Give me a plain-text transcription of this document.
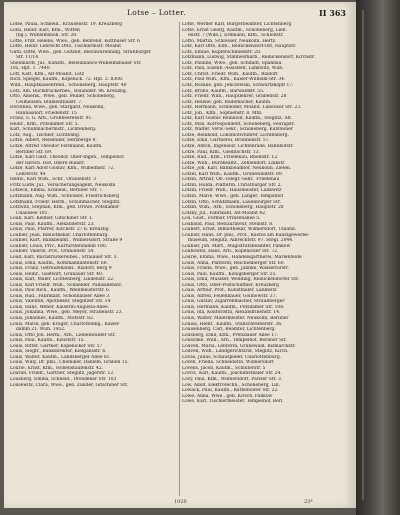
Lotse – Lotter.	II 363
Lotse, Paula, Schneid., Krausenstr. 19. Kreuzberg
Lotsi, Heinr. Karl, Kfm., Witten
(bg.), Wilhelmshöh. Str. 20.
Lotte, Frdr. Helene, Wwe., geb. Behrend, Kottbuser Str. 6
Lotte, Heinr. Lebrecht Otto, Tischlermstr. Moabit
Guth.-Ditte, Wwe., geb. Gutzeit, Blechwarenhdlg. Straßburger
Str. 11/14.
Sheinhardt, Jul., Kunstb., Bellealliance-Wilhelmsbader Str.
105, Hpt. 1. 7440.
Lott, Karl, Kfm., Alt-Moabit, Lotz
Rich. Spiegel, Kaufm., Kopenick. 72. Hpt. 2. 8308.
Wilh., Hauptkassenrend., Schöneberg, Hauptstr. 40
Lotz, Alb. Buchdruckerbes., Rolandstr. 96. Kreuzbg.
Otto, Amerik., Wwe., geb. Müller, Schöneberg,
Ceilhausen, Blumenthalstr. 7.
Dorothea, Wwe., geb. Stargard, Neukölln,
Hannasdorf, Friedenstr. 15
Franz, S. G. Arb., Großbeerenstr. 91.
Heinr., Kfm., Potsdamer Str. 5.
Karl, Schuhmachermstr., Lichtenberg.
Lotz, Aug., Tischler, Lichtenbg.
Lotze, Albert, Reisender, Herzberge 9.
Lotze, Alfred Theodor Ferdinand, Kaufm.
Berliner Str. 69.
Lotze, Karl Gust. Theodor, Ober-Ingen., Tempelhof
der Hirsch. Hof, Obere Bunstr.
Lotze, Karl Adolf Gustav, Kfm., Wilhelmstr. 72.
Lehrerstr. 44
Hedw., Karl Wilh., Schr., Oranienstr. 3
Fritz Ludw. Jul., Versicherungsagent, Neukölln
Lotzeck, Emma, Schneid., Berliner Str. 7.
Lotzmann, Aug. Wilh., Schlosser, Friedrichsberg
Lotzmann, Friedr. Herm., Schuhmacher, Steglitz.
Lotzwitz, Stephan, Kfm., geb. Dröws, Potsdamer
Chaussee 101.
Loub, Karl, Kellner, Gitschiner Str. 1.
Louis, Paul, Kaufm., Alexanderstr. 23.
Louis, Paul, Pfarrer, Kirchstr. 27 b. Kreuzbg.
Loubier, Jean, Bibliothekar, Charlottenburg.
Loubier, Kurt, Bankbeamt., Wilmersdorf, Straße 9
Loubier, Louis, Priv., Kurfürstendamm 180.
Loubier, Valerie, Priv., Oranienstr. 54.
Loud, Karl, Buchdruckereibes., Stralauer Str. 3.
Louis, Emil, Kaufm., Kommandantenstr. 60.
Louis, Franz, Getreidehändl., Rixdorf, Berg 9
Louis, Heinr., Gastwirt, Grünauer Str. 40.
Louis, Karl, Maler, Lichtenberg, Lindenstr. 22.
Louis, Karl Friedr. Wilh., Schneider, Pallisadenstr.
Louis, Paul Rich., Kaufm., Weinmeisterstr. 6.
Louis, Rud., Fabrikant, Schönhauser Allee 3.
Louis, Valentin, Apotheker, Steglitzer Str. 14
Louis, Hans, Weber, Kaiserin-Augusta-Allee.
Louis, Johanna, Wwe., geb. Meyer, Straßenstr. 23.
Louis, Johannes, Kaufm., Motzstr. 82.
Louis, Marie, geb. Krüger, Charlottenbg., Kaiser-
damm 21. Wilh. 1452.
Louis, Otto Joh. Herm., Arb., Liebenwalder Str.
Louis, Paul, Kaufm., Kleiststr. 15.
Louis, Ritter, Gärtner, Kopenicker Str. 57
Louis, Siegfr., Bankdirektor, Kielgansstr. 6.
Louis, Walter, Kaufm., Landsberger Allee 81.
Louis, Willy, Dr. phil., Chemiker, Dahlem, Graben 15.
Lourié, Ernst, Kfm., Hohenstaufenstr. 42.
Louran, Friedr., Gärtner, Steglitz, Jägerstr. 12
Lousberg, Emma, Schneid., Dresdener Str. 103
Lousewitz, Clara, Wwe., geb. Zander, Gitschiner Str.
Lotte, Werner Karl, Bürgerbeamter, Lichtenberg
Lotte, Ernst Georg, Kaufm., Schöneberg, Lieb.
enstr. 7 (Wilh.), Erdmann, Kfm., Schloßstr.
Lotto, Martin, Schlosser, Neukölln, Hertz.
Lotz, Karl Otto, Kfm., Reinickendorf-Ost, Hauptstr.
Lotz, Emilie, Kupferschmiedstr. 28.
Lotzmann, Ludwig, Stahlwerkarb., Reinickendorf, Kirchstr.
Lotz, Pauline, Wwe., geb. Schmidt, Spandau
Lotz, Paul, Eisenb.-Assistent, Lankwitz, Wilh.
Lotz, Christ. Friedr. Wilh., Kaufm., Rixdorf
Lotz, Paul Wilh., Kfm., Kaiser-Wilhelm-Str. 34.
Lotz, Rosalie, geb. Jenczewski, Schwartzkopff 17.
Lotz, Bruno, Kaufm., Bärwaldstr. 55.
Lotz, Friedr. Wilh., Hauptlehrer, Grabenstr. 28
Lotz, Helene, geb. Rademacher, Kaufm.
Lotz, Hermann, Schneider, Moabit, Lübecker Str. 23.
Lotz, Joh., Kfm., Sophienstr. 8. Mtb.
Lotz, Karl Gustav Reinhold, Kaufm., Steglitz, Alt.
Lotz, Max, Korrespondent, Schöneberg, Feurigstr.
Lotz, Walter, Verw.-Sekr., Schöneberg, Kufsteiner
Lotze, Reinhold, Lokomotivführer, Lichtenberg.
Lotze, Emil, Gärtnerei, Brunnenstr. 57.
Lotze, Anton, Ingenieur, Lichtenrade, Bahnhofstr.
Lotze, Paul, Kfm., Gleditschstr. 13.
Lotze, Rud., Kfm., Friedenau, Rheinstr. 12.
Lotze, Wilh., Bürobeamt., Zehlendorf, Linkstr.
Lotze, Joh. Karl, Bankbeamter, Neukölln, Zieten.
Lotzel, Karl Wilh., Kaufm., Grunewaldstr. 89.
Lotzin, Arthur, Ob.-Telegr.-Sekr., Friedenau
Lotzin, Hulda, Plätterin, Christburger Str. 2.
Lotzin, Friedr. Wilh., Hausmeister, Lankwitz
Lotzin, Marie, Wwe., geb. Langer, Tempelhof
Lotzin, Otto, Schutzmann, Lauenburger Str.
Lotzin, Wilh., Arb., Schöneberg, Hauptstr. 28
Lotzky, Jul., Fabrikant, Alt-Moabit 42.
Lou, Gust., Former, Prinzenallee 5.
Loubaud, Paul, Restaurateur, Steinstr. 8.
Loubert, Ernst, Bibliothekar, Wilmersdorf, Uhland.
Loubier, Hans, Dr. phil., Prof., Kustos am Kunstgewerbe-
museum, Steglitz, Albrechtstr. 97. Stegl. 2044.
Loubier, Joh. Mart., Magistratsbeamter, Pankow
Loubowitz, Hans, Arb., Kopenicker Str. 72.
Lourié, Emma, Wwe., Handelsgärtnerei, Marienfelde
Louis, Anna, Plätterin, Reichenberger Str. 60.
Louis, Frieda, Wwe., geb. Jahnke, Wassertorstr.
Louis, Paul, Kaufm., Königsberger Str. 25.
Louis, Emil, Musiker, Wedding, Reinickendorfer Str.
Louis, Otto, Ober-Postschaffner, Kreuzberg
Louis, Arthur, Prof., Kunstmaler, Lankwitz
Louis, Alfred, Feilenhauer, Gollnowstr. 37.
Louis, Gustav, Zigarrenmacher, Straußberger
Louis, Hermann, Kaufm., Potsdamer Str. 108.
Louis, Ida, Kontoristin, Alexandrinenstr. 14.
Louis, Walter, Malermeister, Neukölln, Berliner
Louisa, Heinr., Kaufm., Stallschreiberstr. 36.
Louisenberg, Carl, Beamter, Lichtenberg.
Lousberg, Emil, Kfm., Prenzlauer Allee 17.
Louschke, Wilh., Arb., Tempelhof, Berliner Str.
Louven, Maria, Lehrerin, Grunewald, Bismarckstr.
Louven, Wilh., Landgerichtsrat, Steglitz, Kirch.
Lovas, Julius, Schauspieler, Charlottenburg.
Lovell, Frieda, Schneiderin, Wilmersdorf
Lovens, Jacob, Kaufm., Schlüterstr. 5
Lovric, Karl, Kaufm., Joachimsthaler Str. 24.
Lovy, Paul, Kfm., Wilmersdorf, Pariser Str. 3.
Low, Adolf, Elektrotechn., Schöneberg, Lin.
Lowack, Paul, Kaufm., Rathenower Str. 22.
Lowe, Anna, Wwe., geb. Kirsch, Pankow
Lowe, Karl, Tischlermeister, Tempelhof, Berl.
1920	23*
